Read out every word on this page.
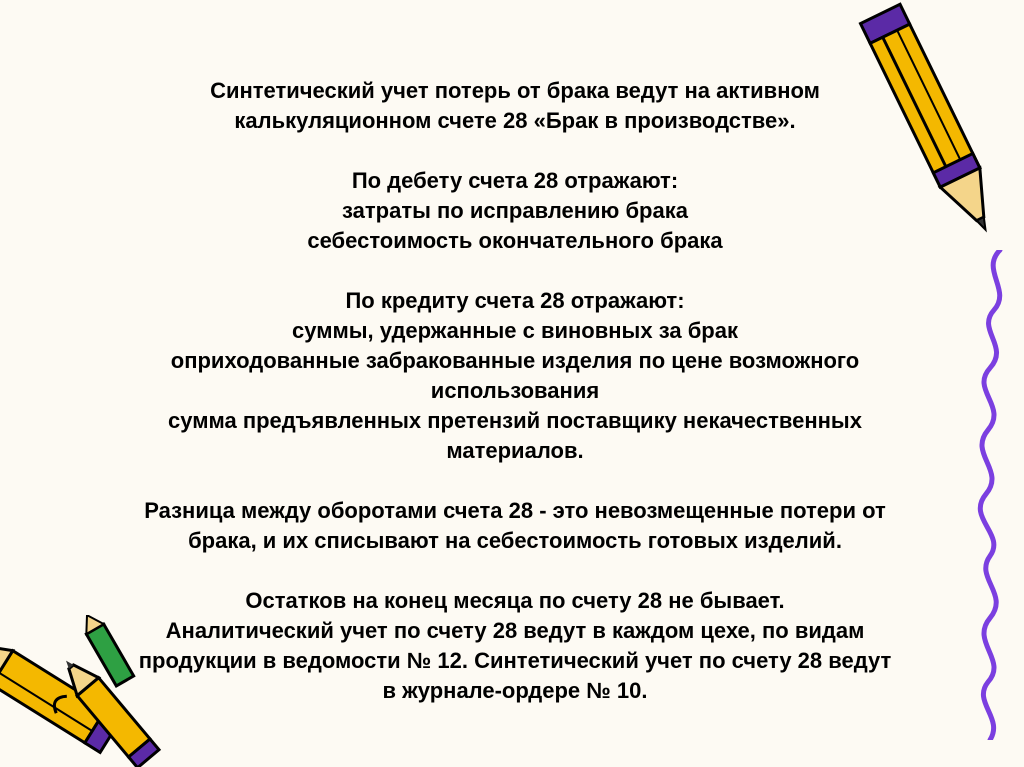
Синтетический учет потерь от брака ведут на активном
калькуляционном счете 28 «Брак в производстве».
По дебету счета 28 отражают:
затраты по исправлению брака
себестоимость окончательного брака
По кредиту счета 28 отражают:
суммы, удержанные с виновных за брак
оприходованные забракованные изделия по цене возможного
использования
сумма предъявленных претензий поставщику некачественных
материалов.
Разница между оборотами счета 28 - это невозмещенные потери от
брака, и их списывают на себестоимость готовых изделий.
Остатков на конец месяца по счету 28 не бывает.
Аналитический учет по счету 28 ведут в каждом цехе, по видам
продукции в ведомости № 12. Синтетический учет по счету 28 ведут
в журнале-ордере № 10.
